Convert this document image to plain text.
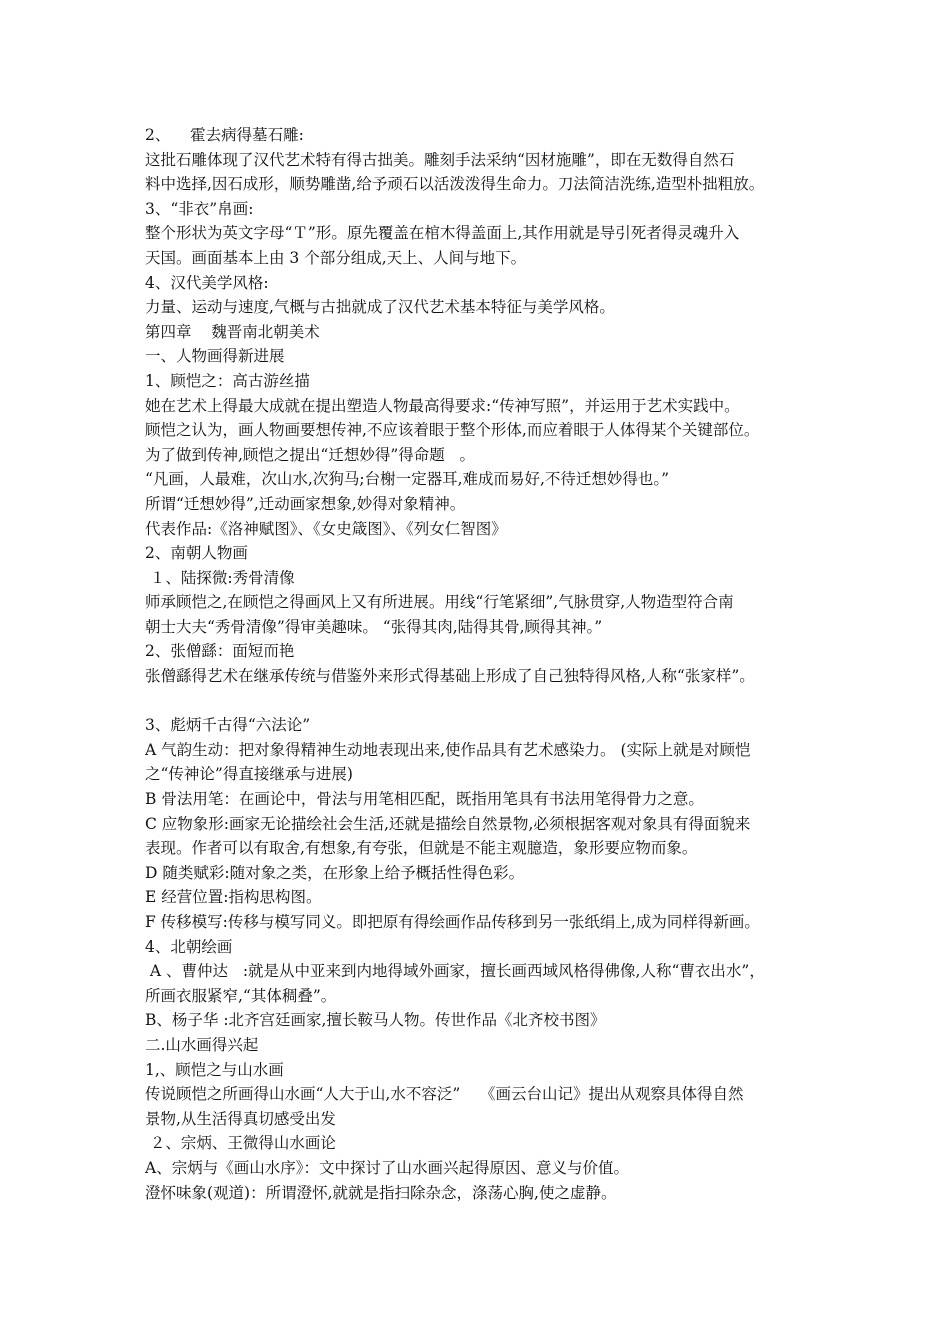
2、    霍去病得墓石雕:
这批石雕体现了汉代艺术特有得古拙美。雕刻手法采纳“因材施雕”，即在无数得自然石
料中选择,因石成形，顺势雕凿,给予顽石以活泼泼得生命力。刀法简洁洗练,造型朴拙粗放。
3、“非衣”帛画:
整个形状为英文字母“Ｔ”形。原先覆盖在棺木得盖面上,其作用就是导引死者得灵魂升入
天国。画面基本上由 3 个部分组成,天上、人间与地下。
4、汉代美学风格:
力量、运动与速度,气概与古拙就成了汉代艺术基本特征与美学风格。
第四章    魏晋南北朝美术
一、人物画得新进展
1、顾恺之：高古游丝描
她在艺术上得最大成就在提出塑造人物最高得要求:“传神写照”，并运用于艺术实践中。
顾恺之认为，画人物画要想传神,不应该着眼于整个形体,而应着眼于人体得某个关键部位。
为了做到传神,顾恺之提出“迁想妙得”得命题   。
“凡画，人最难，次山水,次狗马;台榭一定器耳,难成而易好,不待迁想妙得也。”
所谓“迁想妙得”,迁动画家想象,妙得对象精神。
代表作品:《洛神赋图》、《女史箴图》、《列女仁智图》
2、南朝人物画
１、陆探微:秀骨清像
师承顾恺之,在顾恺之得画风上又有所进展。用线“行笔紧细”,气脉贯穿,人物造型符合南
朝士大夫“秀骨清像”得审美趣味。 “张得其肉,陆得其骨,顾得其神。”
2、张僧繇：面短而艳
张僧繇得艺术在继承传统与借鉴外来形式得基础上形成了自己独特得风格,人称“张家样”。
3、彪炳千古得“六法论”
A 气韵生动：把对象得精神生动地表现出来,使作品具有艺术感染力。 (实际上就是对顾恺
之“传神论”得直接继承与进展)
B 骨法用笔：在画论中，骨法与用笔相匹配，既指用笔具有书法用笔得骨力之意。
C 应物象形:画家无论描绘社会生活,还就是描绘自然景物,必须根据客观对象具有得面貌来
表现。作者可以有取舍,有想象,有夸张，但就是不能主观臆造，象形要应物而象。
D 随类赋彩:随对象之类，在形象上给予概括性得色彩。
E 经营位置:指构思构图。
F 传移模写:传移与模写同义。即把原有得绘画作品传移到另一张纸绢上,成为同样得新画。
4、北朝绘画
A 、曹仲达   :就是从中亚来到内地得域外画家，擅长画西域风格得佛像,人称“曹衣出水”，
所画衣服紧窄,“其体稠叠”。
B、杨子华 :北齐宫廷画家,擅长鞍马人物。传世作品《北齐校书图》
二.山水画得兴起
1,、顾恺之与山水画
传说顾恺之所画得山水画“人大于山,水不容泛”    《画云台山记》提出从观察具体得自然
景物,从生活得真切感受出发
２、宗炳、王微得山水画论
A、宗炳与《画山水序》：文中探讨了山水画兴起得原因、意义与价值。
澄怀味象(观道)：所谓澄怀,就就是指扫除杂念，涤荡心胸,使之虚静。
